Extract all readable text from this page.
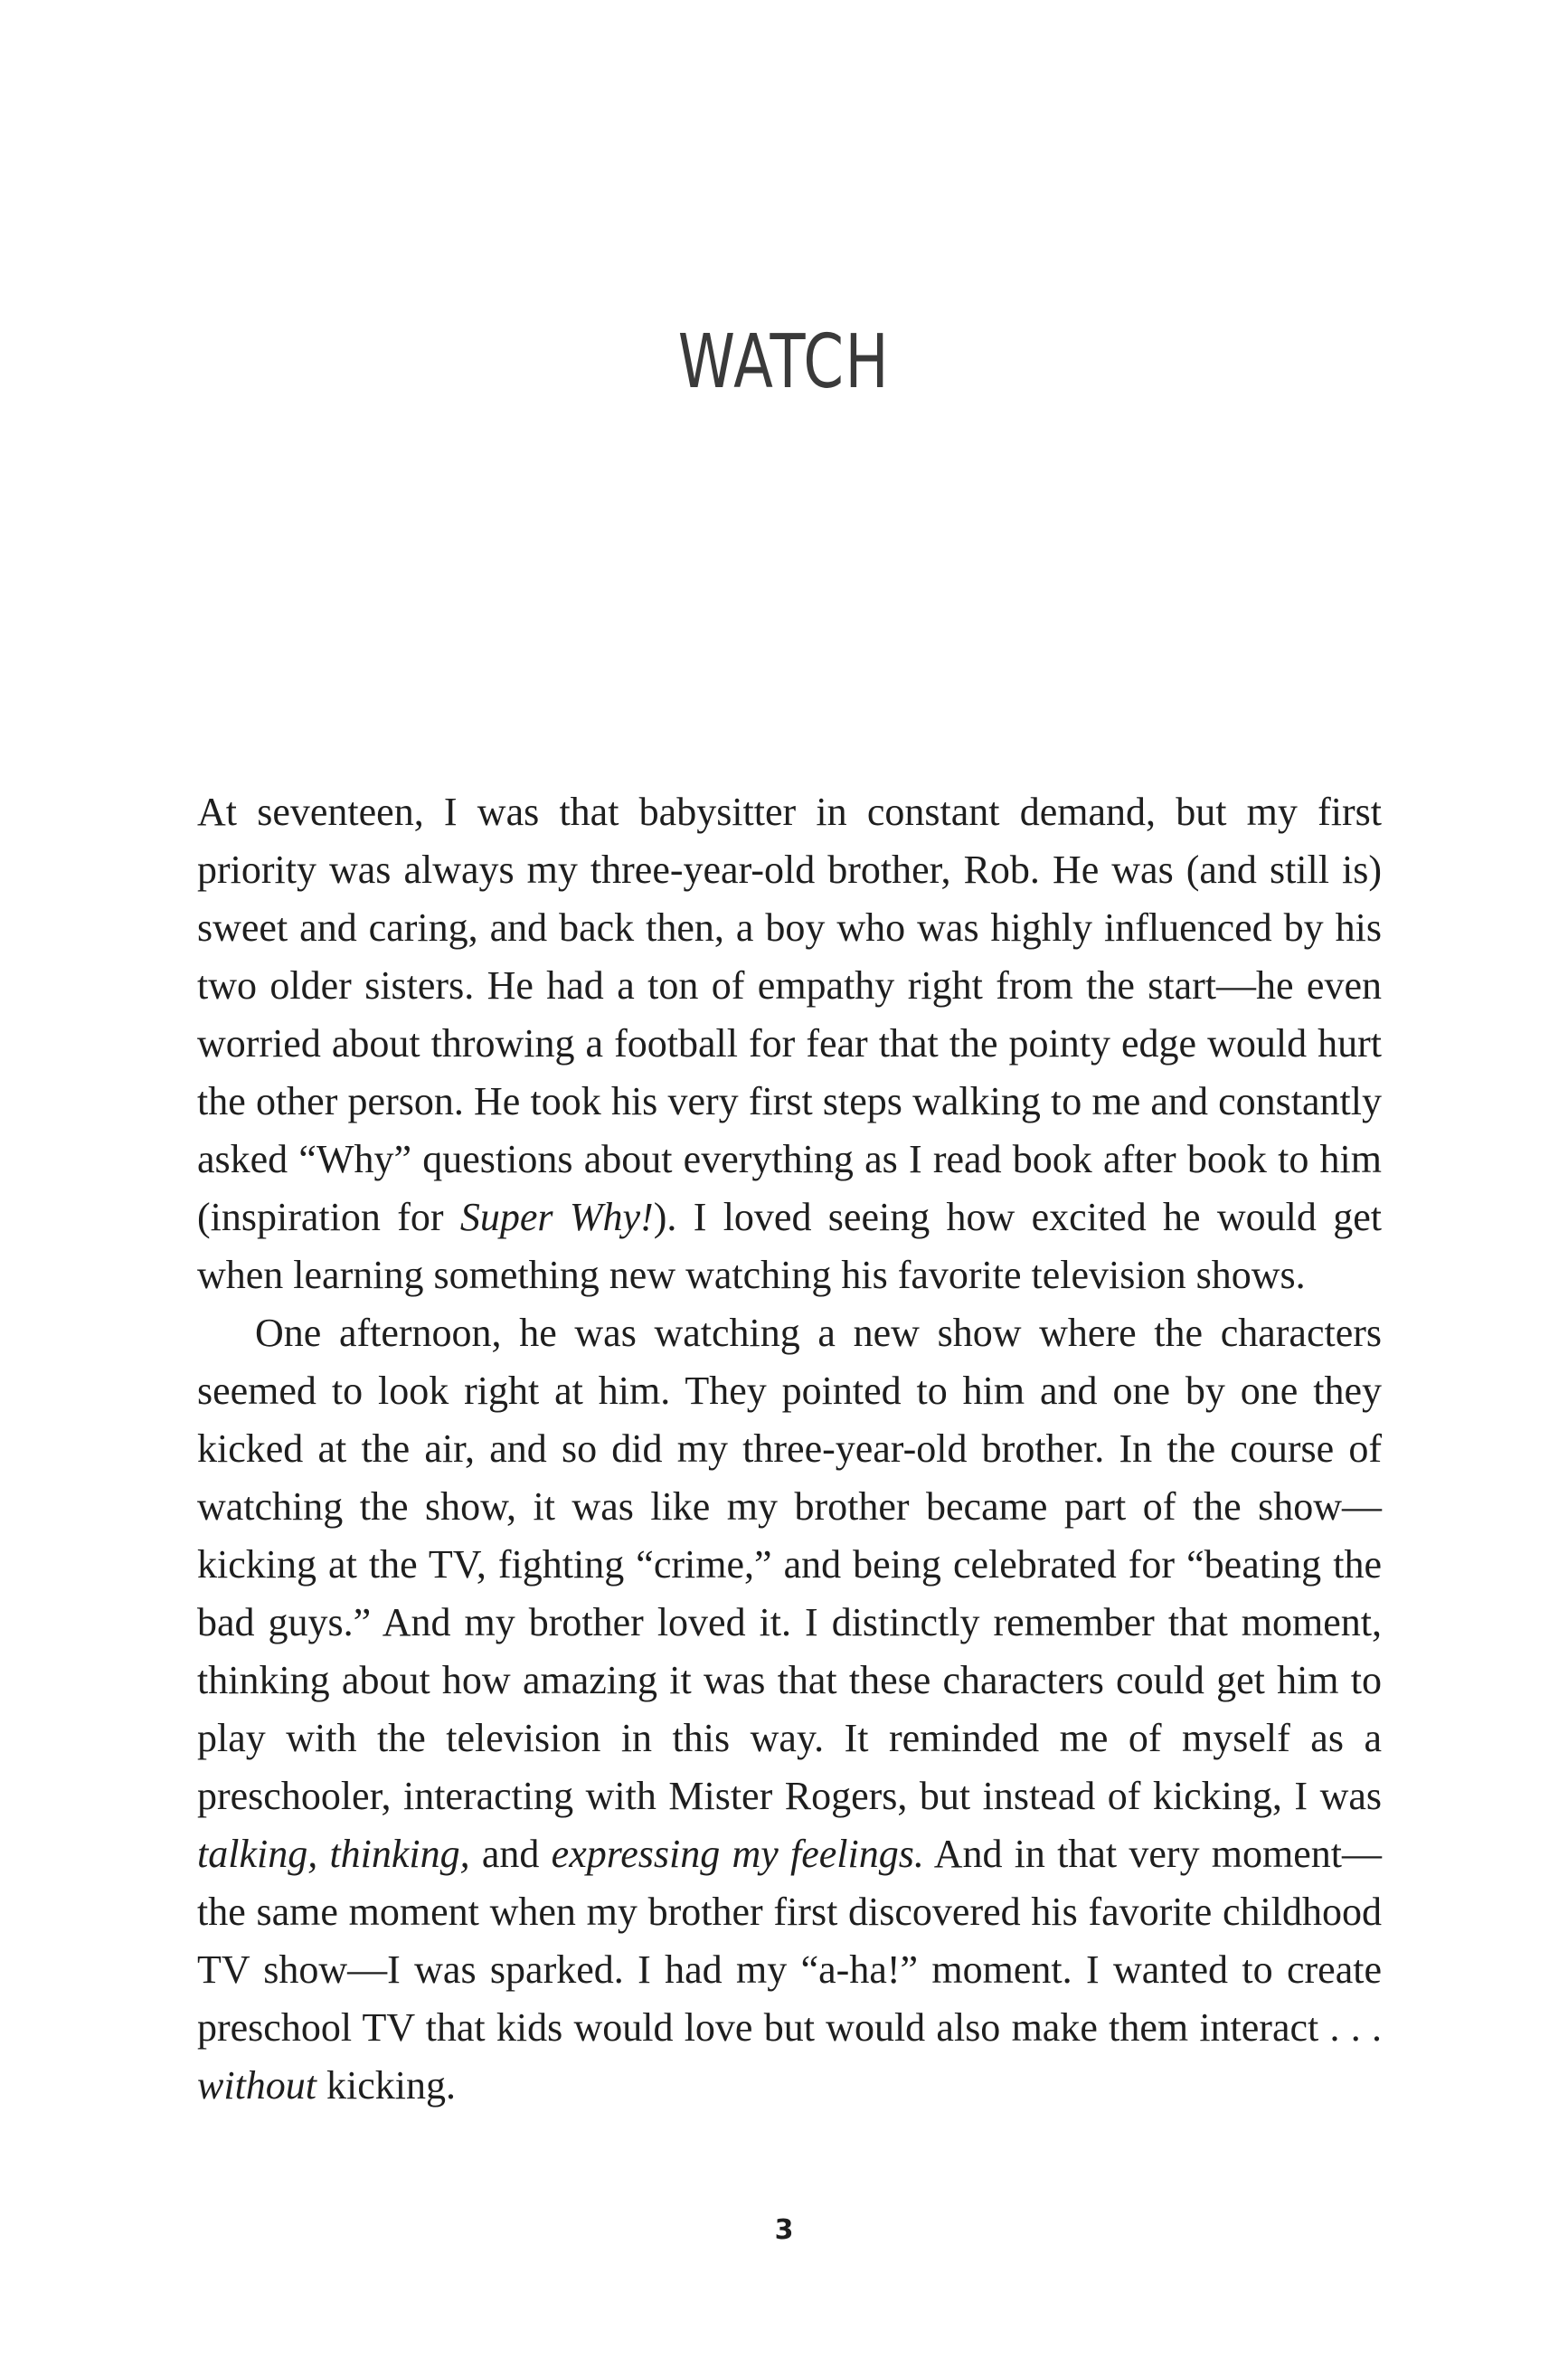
WATCH

At seventeen, I was that babysitter in constant demand, but my first priority was always my three-year-old brother, Rob. He was (and still is) sweet and caring, and back then, a boy who was highly influenced by his two older sisters. He had a ton of empathy right from the start—he even worried about throwing a football for fear that the pointy edge would hurt the other person. He took his very first steps walking to me and constantly asked “Why” questions about everything as I read book after book to him (inspiration for Super Why!). I loved seeing how excited he would get when learning something new watching his favorite television shows.

One afternoon, he was watching a new show where the characters seemed to look right at him. They pointed to him and one by one they kicked at the air, and so did my three-year-old brother. In the course of watching the show, it was like my brother became part of the show—kicking at the TV, fighting “crime,” and being celebrated for “beating the bad guys.” And my brother loved it. I distinctly remember that moment, thinking about how amazing it was that these characters could get him to play with the television in this way. It reminded me of myself as a preschooler, interacting with Mister Rogers, but instead of kicking, I was talking, thinking, and expressing my feelings. And in that very moment—the same moment when my brother first discovered his favorite childhood TV show—I was sparked. I had my “a-ha!” moment. I wanted to create preschool TV that kids would love but would also make them interact . . . without kicking.

3
